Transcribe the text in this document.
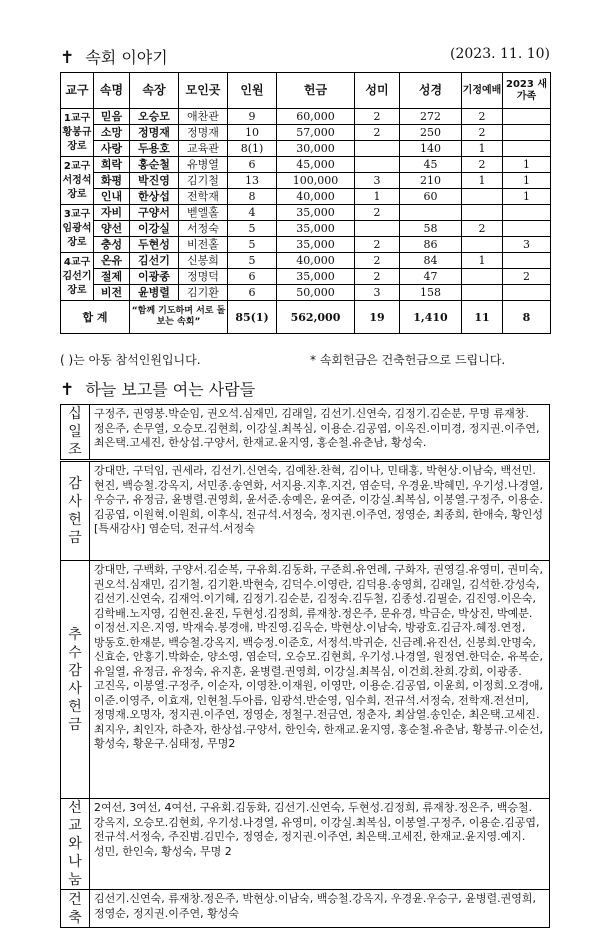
✝ 속회 이야기	(2023. 11. 10)
교구	속명	속장	모인곳	인원	헌금	성미	성경	기정예배	2023 새가족
1교구 황봉규 장로	믿음	오승모	애찬관	9	60,000	2	272	2	
	소망	정명재	정명재	10	57,000	2	250	2	
	사랑	두용호	교육관	8(1)	30,000		140	1	
2교구 서정석 장로	희락	홍순철	유병열	6	45,000		45	2	1
	화평	박진영	김기철	13	100,000	3	210	1	1
	인내	한상섭	전학재	8	40,000	1	60		1
3교구 임광석 장로	자비	구양서	벧엘홀	4	35,000	2			
	양선	이강실	서정숙	5	35,000		58	2	
	충성	두현성	비전홀	5	35,000	2	86		3
4교구 김선기 장로	온유	김선기	신봉희	5	40,000	2	84	1	
	절제	이광종	정명덕	6	35,000	2	47		2
	비전	윤병렬	김기환	6	50,000	3	158		
합 계		“함께 기도하며 서로 돌보는 속회”		85(1)	562,000	19	1,410	11	8
( )는 아동 참석인원입니다.	* 속회헌금은 건축헌금으로 드립니다.
✝ 하늘 보고를 여는 사람들
십일조	구정주, 권영봉.박순임, 권오석.심재민, 김래일, 김선기.신연숙, 김정기.김순분, 무명 류재창.정은주, 손무열, 오승모.김현희, 이강실.최복심, 이용순.김공엽, 이옥진.이미경, 정지권.이주연, 최은택.고세진, 한상섭.구양서, 한재교.윤지영, 홍순철.유춘남, 황성숙.

감사헌금	강대만, 구덕임, 권세라, 김선기.신연숙, 김예찬.찬혁, 김이나, 민태홍, 박현상.이남숙, 백선민.현진, 백승철.강옥지, 서민종.송연화, 서지용.지후.지건, 염순덕, 우경윤.박혜민, 우기성.나경열, 우승구, 유정금, 윤병렬.권영희, 윤서준.송예은, 윤여준, 이강실.최복심, 이봉열.구정주, 이용순.김공엽, 이원혁.이원희, 이후식, 전규석.서정숙, 정지권.이주연, 정영순, 최종희, 한애숙, 황인성 [특새감사] 염순덕, 전규석.서정숙

추수감사헌금	강대만, 구백화, 구양서.김순복, 구유회.김동화, 구준희.유연례, 구화자, 권영길.유영미, 권미숙, 권오석.심재민, 김기철, 김기환.박현숙, 김덕수.이영란, 김덕용.송영희, 김래일, 김석한.강성숙, 김선기.신연숙, 김재억.이기혜, 김정기.김순분, 김정숙.김두철, 김종성.김필순, 김진영.이은숙, 김학배.노지영, 김현진.윤진, 두현성.김정희, 류재창.정은주, 문유경, 박금순, 박상진, 박예분.이정선.지은.지영, 박재숙.봉경애, 박진영.김옥순, 박현상.이남숙, 방광호.김금자.혜정.연정, 방동호.한재분, 백승철.강옥지, 백승정.이준호, 서정석.박귀순, 신금례.유진선, 신봉희.안명숙, 신효순, 안홍기.박화순, 양소영, 염순덕, 오승모.김현희, 우기성.나경열, 원정연.한덕순, 유복순, 유일열, 유정금, 유정숙, 유지훈, 윤병렬.권영희, 이강실.최복심, 이건희.찬희.강희, 이광종.고진옥, 이봉열.구정주, 이순자, 이영찬.이재원, 이영만, 이용순.김공엽, 이윤희, 이정희.오경애, 이준.이영주, 이효재, 인현철.두아름, 임광석.반순영, 임수희, 전규석.서정숙, 전학재.전선미, 정명재.오명자, 정지권.이주연, 정영순, 정철구.전금연, 정춘자, 최삼열.송인순, 최은택.고세진.최지우, 최인자, 하춘자, 한상섭.구양서, 한인숙, 한재교.윤지영, 홍순철.유춘남, 황봉규.이순선, 황성숙, 황운구.심태정, 무명2

선교와나눔	2여선, 3여선, 4여선, 구유회.김동화, 김선기.신연숙, 두현성.김정희, 류재창.정은주, 백승철.강옥지, 오승모.김현희, 우기성.나경열, 유영미, 이강실.최복심, 이봉열.구정주, 이용순.김공엽, 전규석.서정숙, 주진범.김민수, 정영순, 정지권.이주연, 최은택.고세진, 한재교.윤지영.예지.성민, 한인숙, 황성숙, 무명 2

건축	김선기.신연숙, 류재창.정은주, 박현상.이남숙, 백승철.강옥지, 우경윤.우승구, 윤병렬.권영희, 정영순, 정지권.이주연, 황성숙
